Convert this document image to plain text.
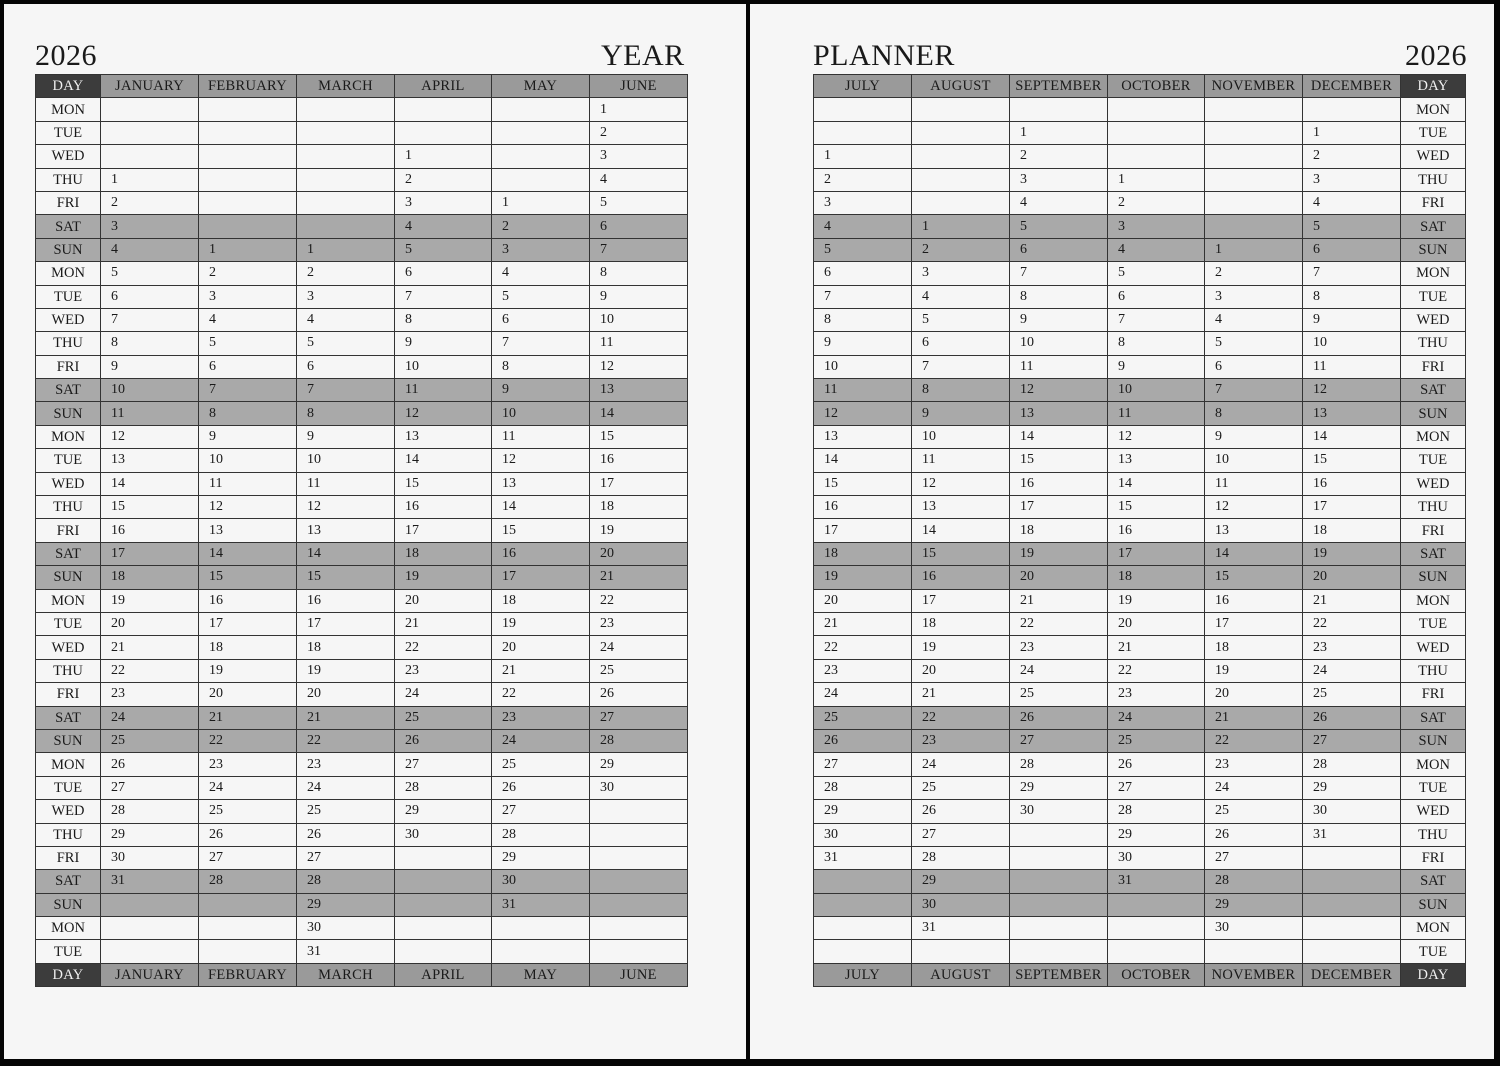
2026	YEAR
DAY	JANUARY	FEBRUARY	MARCH	APRIL	MAY	JUNE
MON						1
TUE						2
WED				1		3
THU	1			2		4
FRI	2			3	1	5
SAT	3			4	2	6
SUN	4	1	1	5	3	7
MON	5	2	2	6	4	8
TUE	6	3	3	7	5	9
WED	7	4	4	8	6	10
THU	8	5	5	9	7	11
FRI	9	6	6	10	8	12
SAT	10	7	7	11	9	13
SUN	11	8	8	12	10	14
MON	12	9	9	13	11	15
TUE	13	10	10	14	12	16
WED	14	11	11	15	13	17
THU	15	12	12	16	14	18
FRI	16	13	13	17	15	19
SAT	17	14	14	18	16	20
SUN	18	15	15	19	17	21
MON	19	16	16	20	18	22
TUE	20	17	17	21	19	23
WED	21	18	18	22	20	24
THU	22	19	19	23	21	25
FRI	23	20	20	24	22	26
SAT	24	21	21	25	23	27
SUN	25	22	22	26	24	28
MON	26	23	23	27	25	29
TUE	27	24	24	28	26	30
WED	28	25	25	29	27	
THU	29	26	26	30	28	
FRI	30	27	27		29	
SAT	31	28	28		30	
SUN			29		31	
MON			30			
TUE			31			
DAY	JANUARY	FEBRUARY	MARCH	APRIL	MAY	JUNE
PLANNER	2026
JULY	AUGUST	SEPTEMBER	OCTOBER	NOVEMBER	DECEMBER	DAY
						MON
		1			1	TUE
1		2			2	WED
2		3	1		3	THU
3		4	2		4	FRI
4	1	5	3		5	SAT
5	2	6	4	1	6	SUN
6	3	7	5	2	7	MON
7	4	8	6	3	8	TUE
8	5	9	7	4	9	WED
9	6	10	8	5	10	THU
10	7	11	9	6	11	FRI
11	8	12	10	7	12	SAT
12	9	13	11	8	13	SUN
13	10	14	12	9	14	MON
14	11	15	13	10	15	TUE
15	12	16	14	11	16	WED
16	13	17	15	12	17	THU
17	14	18	16	13	18	FRI
18	15	19	17	14	19	SAT
19	16	20	18	15	20	SUN
20	17	21	19	16	21	MON
21	18	22	20	17	22	TUE
22	19	23	21	18	23	WED
23	20	24	22	19	24	THU
24	21	25	23	20	25	FRI
25	22	26	24	21	26	SAT
26	23	27	25	22	27	SUN
27	24	28	26	23	28	MON
28	25	29	27	24	29	TUE
29	26	30	28	25	30	WED
30	27		29	26	31	THU
31	28		30	27		FRI
	29		31	28		SAT
	30			29		SUN
	31			30		MON
						TUE
JULY	AUGUST	SEPTEMBER	OCTOBER	NOVEMBER	DECEMBER	DAY
